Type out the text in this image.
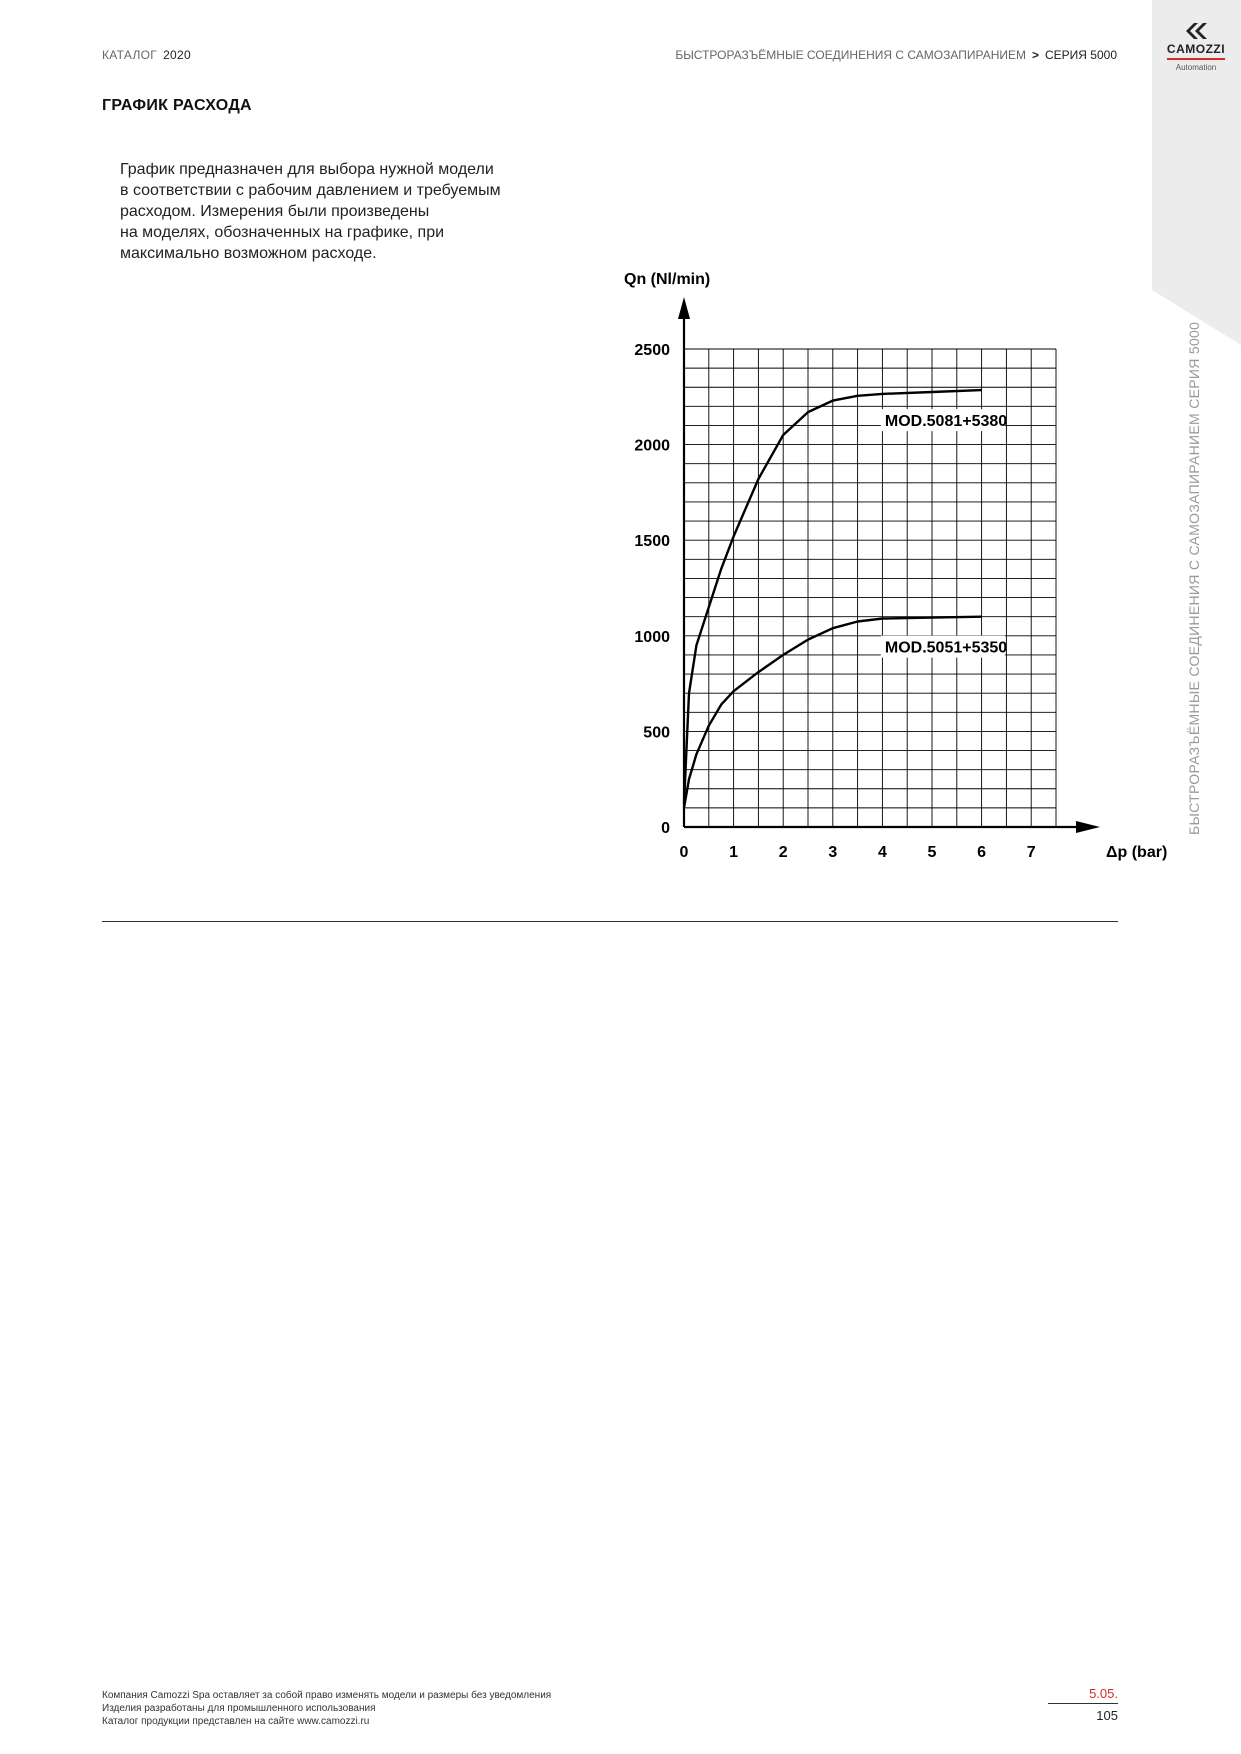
КАТАЛОГ 2020	БЫСТРОРАЗЪЁМНЫЕ СОЕДИНЕНИЯ С САМОЗАПИРАНИЕМ > СЕРИЯ 5000	CAMOZZI
Automation
БЫСТРОРАЗЪЁМНЫЕ СОЕДИНЕНИЯ С САМОЗАПИРАНИЕМ СЕРИЯ 5000
ГРАФИК РАСХОДА
График предназначен для выбора нужной модели
в соответствии с рабочим давлением и требуемым
расходом. Измерения были произведены
на моделях, обозначенных на графике, при
максимально возможном расходе.
0	1	2	3	4	5	6	7
0
500
1000
1500
2000
2500
Qn (Nl/min)
Δp (bar)
MOD.5081+5380
MOD.5051+5350
Компания Camozzi Spa оставляет за собой право изменять модели и размеры без уведомления
Изделия разработаны для промышленного использования
Каталог продукции представлен на сайте www.camozzi.ru
5.05.
105
